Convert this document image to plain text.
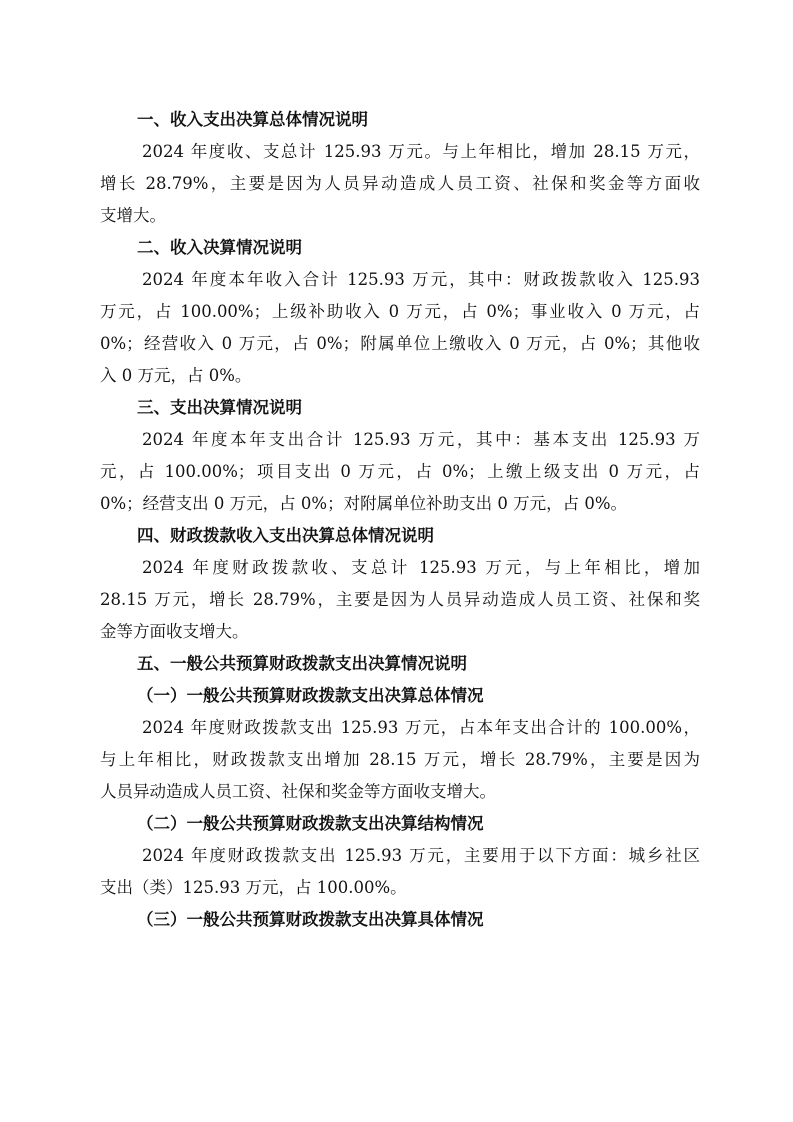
一、收入支出决算总体情况说明
2024 年度收、支总计 125.93 万元。与上年相比，增加 28.15 万元，
增长 28.79%，主要是因为人员异动造成人员工资、社保和奖金等方面收
支增大。
二、收入决算情况说明
2024 年度本年收入合计 125.93 万元，其中：财政拨款收入 125.93
万元，占 100.00%；上级补助收入 0 万元，占 0%；事业收入 0 万元，占
0%；经营收入 0 万元，占 0%；附属单位上缴收入 0 万元，占 0%；其他收
入 0 万元，占 0%。
三、支出决算情况说明
2024 年度本年支出合计 125.93 万元，其中：基本支出 125.93 万
元，占 100.00%；项目支出 0 万元，占 0%；上缴上级支出 0 万元，占
0%；经营支出 0 万元，占 0%；对附属单位补助支出 0 万元，占 0%。
四、财政拨款收入支出决算总体情况说明
2024 年度财政拨款收、支总计 125.93 万元，与上年相比，增加
28.15 万元，增长 28.79%，主要是因为人员异动造成人员工资、社保和奖
金等方面收支增大。
五、一般公共预算财政拨款支出决算情况说明
（一）一般公共预算财政拨款支出决算总体情况
2024 年度财政拨款支出 125.93 万元，占本年支出合计的 100.00%，
与上年相比，财政拨款支出增加 28.15 万元，增长 28.79%，主要是因为
人员异动造成人员工资、社保和奖金等方面收支增大。
（二）一般公共预算财政拨款支出决算结构情况
2024 年度财政拨款支出 125.93 万元，主要用于以下方面：城乡社区
支出（类）125.93 万元，占 100.00%。
（三）一般公共预算财政拨款支出决算具体情况
